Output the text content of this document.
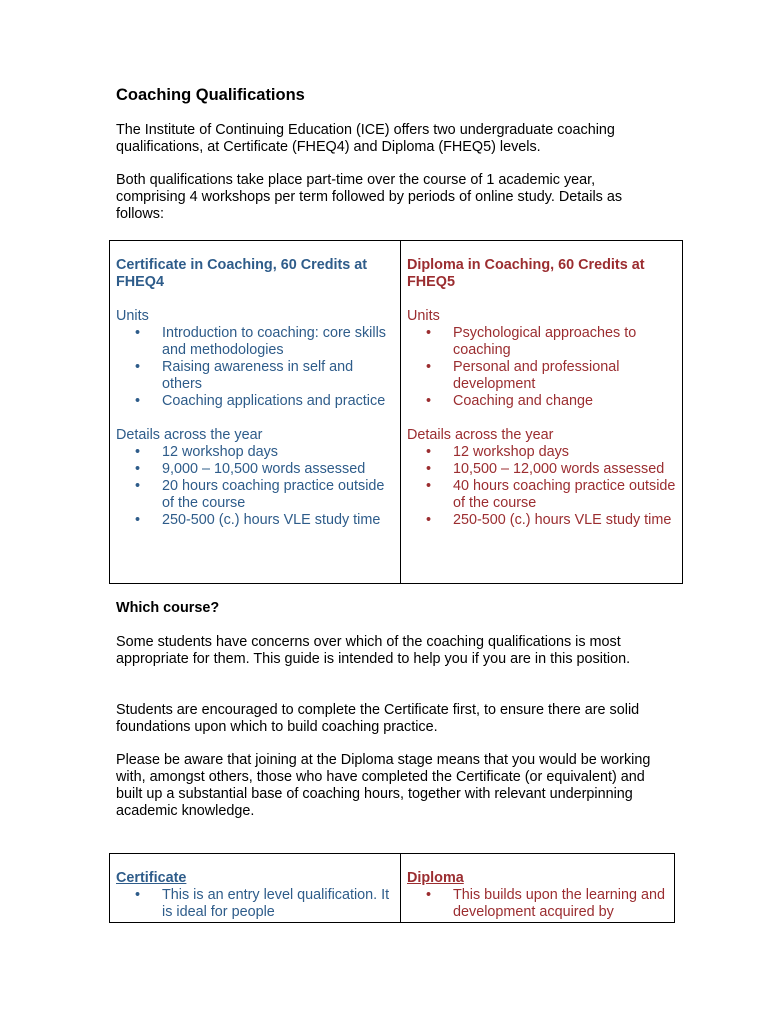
Coaching Qualifications

The Institute of Continuing Education (ICE) offers two undergraduate coaching qualifications, at Certificate (FHEQ4) and Diploma (FHEQ5) levels.

Both qualifications take place part-time over the course of 1 academic year, comprising 4 workshops per term followed by periods of online study. Details as follows:

Certificate in Coaching, 60 Credits at FHEQ4
Units
• Introduction to coaching: core skills and methodologies
• Raising awareness in self and others
• Coaching applications and practice
Details across the year
• 12 workshop days
• 9,000 – 10,500 words assessed
• 20 hours coaching practice outside of the course
• 250-500 (c.) hours VLE study time

Diploma in Coaching, 60 Credits at FHEQ5
Units
• Psychological approaches to coaching
• Personal and professional development
• Coaching and change
Details across the year
• 12 workshop days
• 10,500 – 12,000 words assessed
• 40 hours coaching practice outside of the course
• 250-500 (c.) hours VLE study time
Which course?

Some students have concerns over which of the coaching qualifications is most appropriate for them. This guide is intended to help you if you are in this position.

Students are encouraged to complete the Certificate first, to ensure there are solid foundations upon which to build coaching practice.

Please be aware that joining at the Diploma stage means that you would be working with, amongst others, those who have completed the Certificate (or equivalent) and built up a substantial base of coaching hours, together with relevant underpinning academic knowledge.

Certificate
• This is an entry level qualification. It is ideal for people

Diploma
• This builds upon the learning and development acquired by
